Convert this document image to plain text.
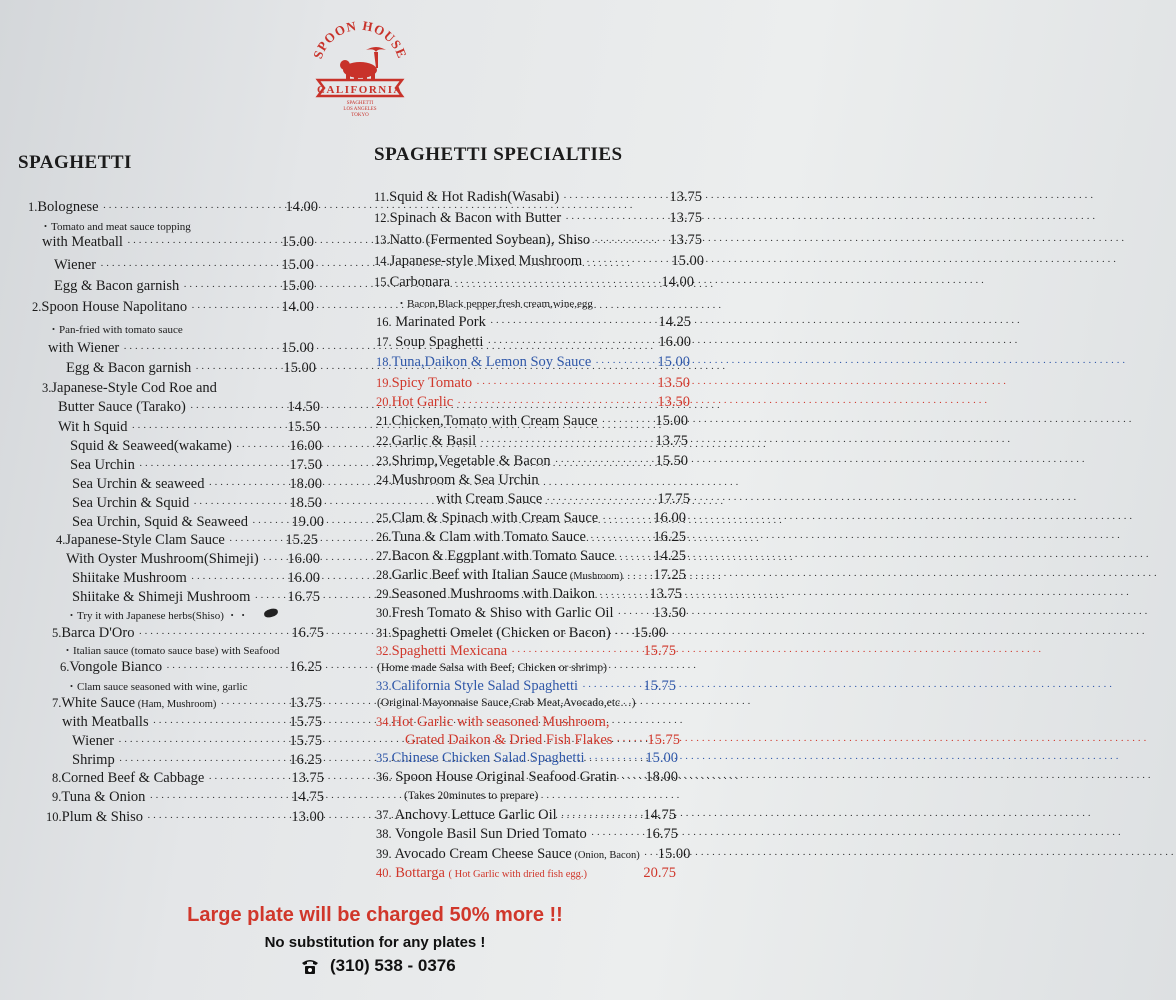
SPOON HOUSE
CALIFORNIA
SPAGHETTI
LOS ANGELES
TOKYO
SPAGHETTI	SPAGHETTI SPECIALTIES
1.Bolognese ·····	14.00
・Tomato and meat sauce topping
with Meatball ·····	15.00
Wiener ·····	15.00
Egg & Bacon garnish ·····	15.00
2.Spoon House Napolitano ·····	14.00
・Pan-fried with tomato sauce
with Wiener ·····	15.00
Egg & Bacon garnish ·····	15.00
3.Japanese-Style Cod Roe and
Butter Sauce (Tarako) ·····	14.50
Wit h Squid ·····	15.50
Squid & Seaweed(wakame) ·····	16.00
Sea Urchin ·····	17.50
Sea Urchin & seaweed ·····	18.00
Sea Urchin & Squid ·····	18.50
Sea Urchin, Squid & Seaweed ·····	19.00
4.Japanese-Style Clam Sauce ·····	15.25
With Oyster Mushroom(Shimeji) ····· 16.00
Shiitake Mushroom ·····	16.00
Shiitake & Shimeji Mushroom ·····	16.75
・Try it with Japanese herbs(Shiso) ・・
5.Barca D'Oro ·····	16.75
・Italian sauce (tomato sauce base) with Seafood
6.Vongole Bianco ·····	16.25
・Clam sauce seasoned with wine, garlic
7.White Sauce (Ham, Mushroom) ·····	13.75
with Meatballs ·····	15.75
Wiener ·····	15.75
Shrimp ·····	16.25
8.Corned Beef & Cabbage ·····	13.75
9.Tuna & Onion ·····	14.75
10.Plum & Shiso ·····	13.00
11.Squid & Hot Radish(Wasabi) ·····	13.75
12.Spinach & Bacon with Butter ·····	13.75
13.Natto (Fermented Soybean), Shiso ·····	13.75
14.Japanese-style Mixed Mushroom ·····	15.00
15.Carbonara ·····	14.00
・Bacon,Black pepper,fresh cream,wine,egg
16. Marinated Pork ·····	14.25
17. Soup Spaghetti ·····	16.00
18.Tuna,Daikon & Lemon Soy Sauce ·····	15.00
19.Spicy Tomato ·····	13.50
20.Hot Garlic ·····	13.50
21.Chicken,Tomato with Cream Sauce ·····	15.00
22.Garlic & Basil ·····	13.75
23.Shrimp,Vegetable & Bacon ·····	15.50
24.Mushroom & Sea Urchin
with Cream Sauce ·····	17.75
25.Clam & Spinach with Cream Sauce ·····	16.00
26.Tuna & Clam with Tomato Sauce ·····	16.25
27.Bacon & Eggplant with Tomato Sauce ·····	14.25
28.Garlic Beef with Italian Sauce (Mushroom) ····· 17.25
29.Seasoned Mushrooms with Daikon ·····	13.75
30.Fresh Tomato & Shiso with Garlic Oil ·····	13.50
31.Spaghetti Omelet (Chicken or Bacon) ····· 15.00
32.Spaghetti Mexicana ·····	15.75
(Home made Salsa with Beef, Chicken or shrimp)
33.California Style Salad Spaghetti ·····	15.75
(Original Mayonnaise Sauce,Crab Meat,Avocado,etc…)
34.Hot Garlic with seasoned Mushroom,
Grated Daikon & Dried Fish Flakes ····· 15.75
35.Chinese Chicken Salad Spaghetti ·····	15.00
36. Spoon House Original Seafood Gratin ····· 18.00
(Takes 20minutes to prepare)
37. Anchovy Lettuce Garlic Oil ·····	14.75
38. Vongole Basil Sun Dried Tomato ·····	16.75
39. Avocado Cream Cheese Sauce (Onion, Bacon) ····· 15.00
40. Bottarga ( Hot Garlic with dried fish egg.)	20.75
Large plate will be charged 50% more !!
No substitution for any plates !
(310) 538 - 0376
